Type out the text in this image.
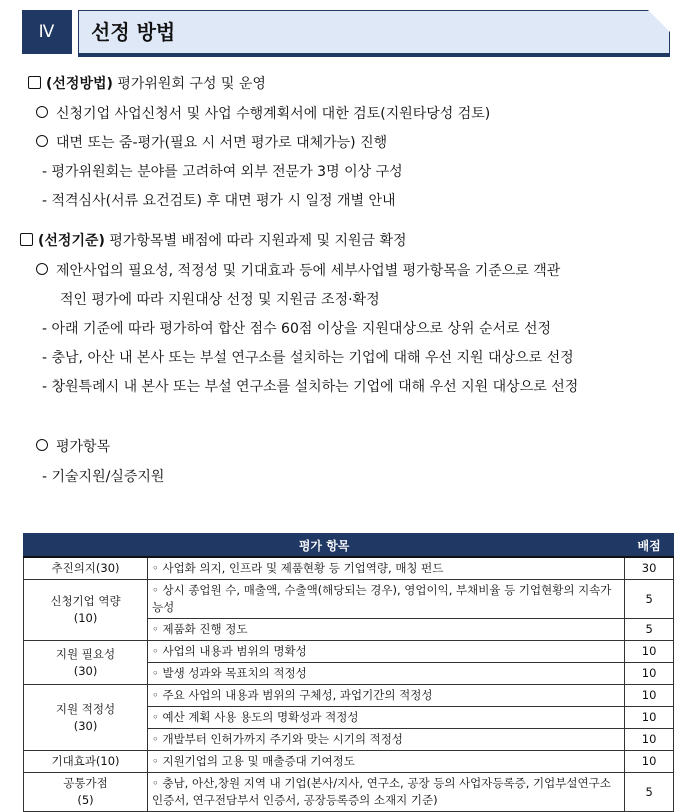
Ⅳ	선정 방법
(선정방법) 평가위원회 구성 및 운영
신청기업 사업신청서 및 사업 수행계획서에 대한 검토(지원타당성 검토)
대면 또는 줌-평가(필요 시 서면 평가로 대체가능) 진행
- 평가위원회는 분야를 고려하여 외부 전문가 3명 이상 구성
- 적격심사(서류 요건검토) 후 대면 평가 시 일정 개별 안내
(선정기준) 평가항목별 배점에 따라 지원과제 및 지원금 확정
제안사업의 필요성, 적정성 및 기대효과 등에 세부사업별 평가항목을 기준으로 객관
적인 평가에 따라 지원대상 선정 및 지원금 조정·확정
- 아래 기준에 따라 평가하여 합산 점수 60점 이상을 지원대상으로 상위 순서로 선정
- 충남, 아산 내 본사 또는 부설 연구소를 설치하는 기업에 대해 우선 지원 대상으로 선정
- 창원특례시 내 본사 또는 부설 연구소를 설치하는 기업에 대해 우선 지원 대상으로 선정
평가항목
- 기술지원/실증지원
평가 항목		배점
추진의지(30)	◦ 사업화 의지, 인프라 및 제품현황 등 기업역량, 매칭 펀드	30
신청기업 역량
(10)	◦ 상시 종업원 수, 매출액, 수출액(해당되는 경우), 영업이익, 부채비율 등 기업현황의 지속가능성	5
	◦ 제품화 진행 정도	5
지원 필요성
(30)	◦ 사업의 내용과 범위의 명확성	10
	◦ 발생 성과와 목표치의 적정성	10
지원 적정성
(30)	◦ 주요 사업의 내용과 범위의 구체성, 과업기간의 적정성	10
	◦ 예산 계획 사용 용도의 명확성과 적정성	10
	◦ 개발부터 인허가까지 주기와 맞는 시기의 적정성	10
기대효과(10)	◦ 지원기업의 고용 및 매출증대 기여정도	10
공통가점
(5)	◦ 충남, 아산,창원 지역 내 기업(본사/지사, 연구소, 공장 등의 사업자등록증, 기업부설연구소 인증서, 연구전담부서 인증서, 공장등록증의 소재지 기준)	5
